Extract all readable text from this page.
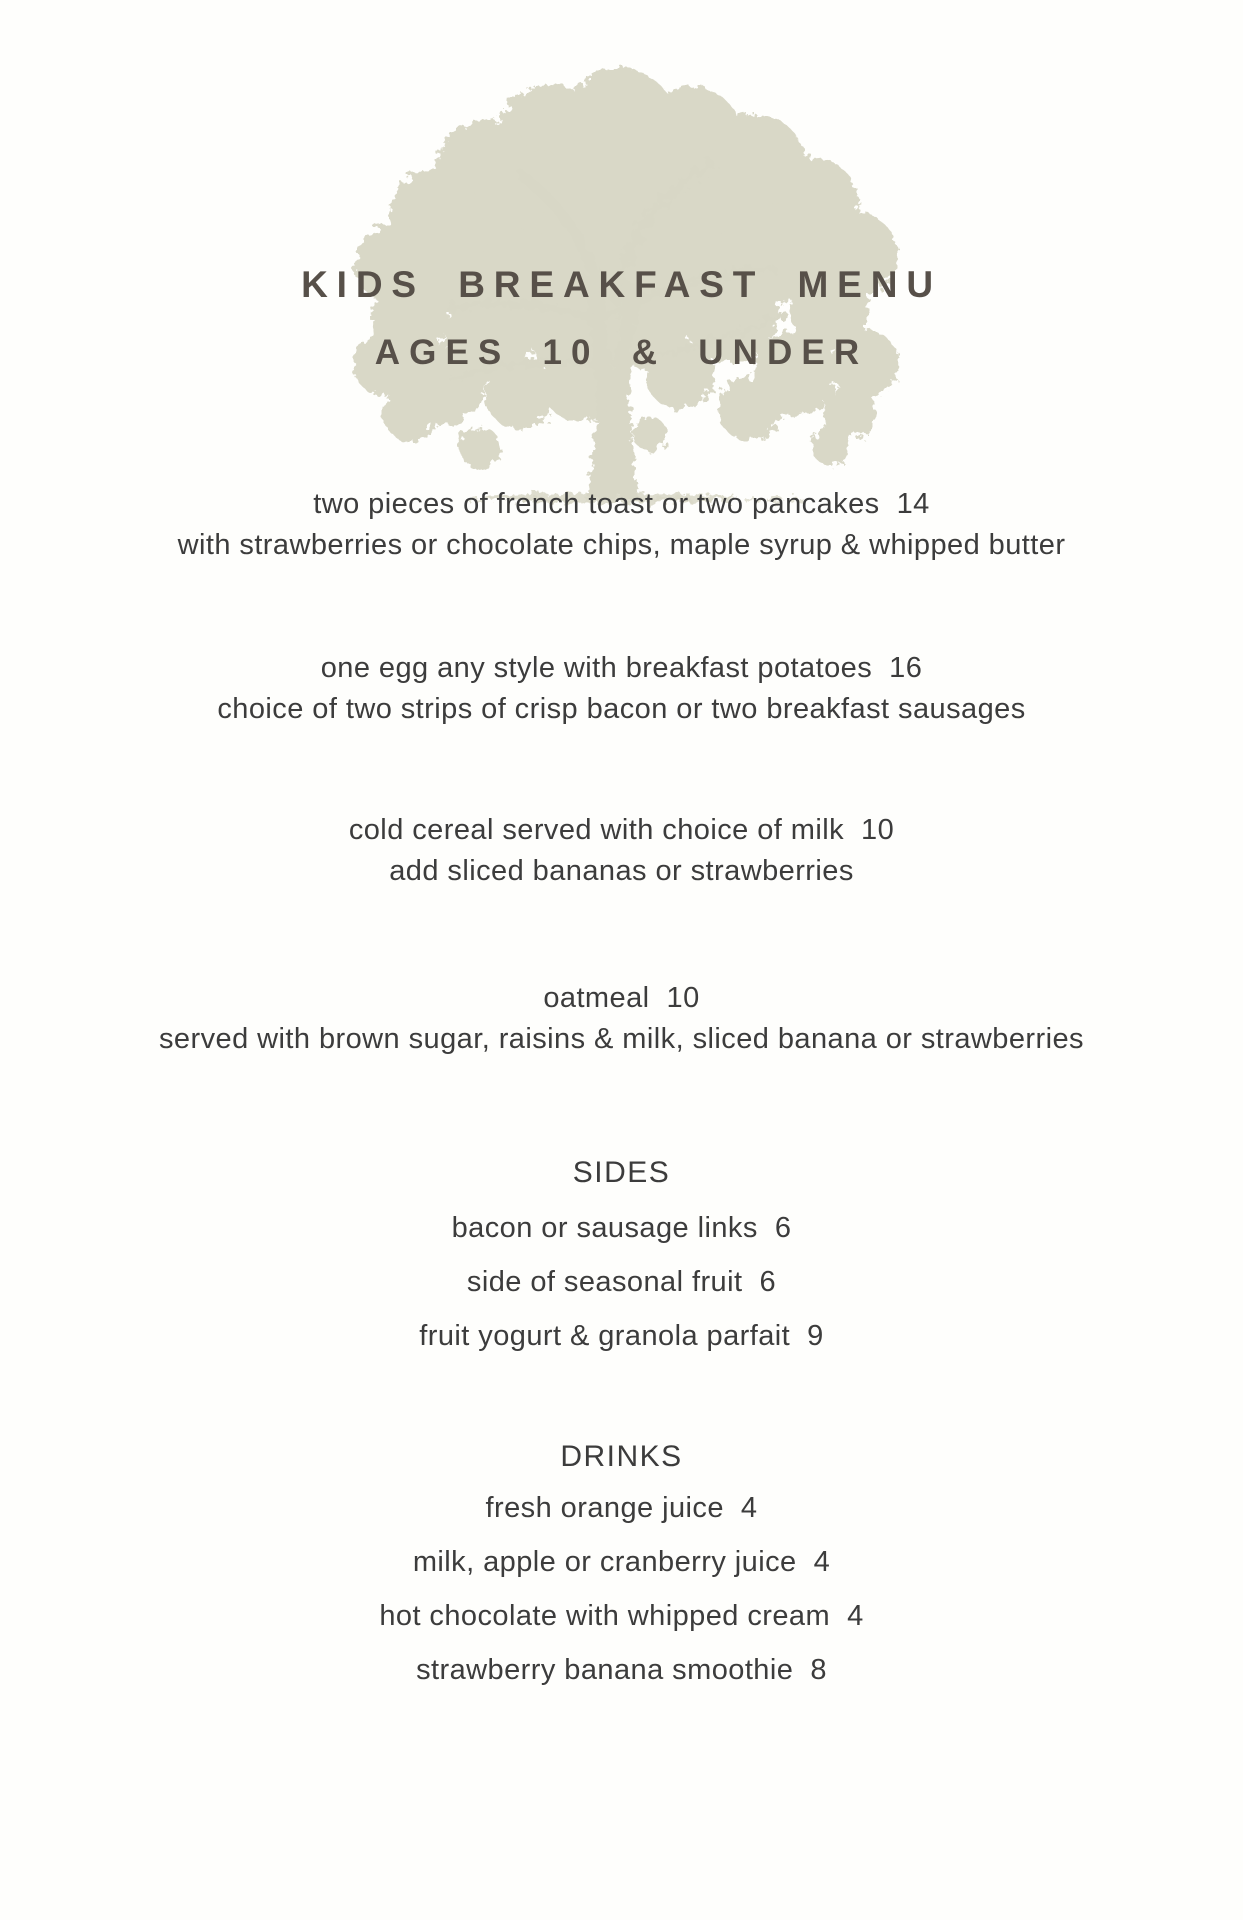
KIDS BREAKFAST MENU
AGES 10 & UNDER
two pieces of french toast or two pancakes 14
with strawberries or chocolate chips, maple syrup & whipped butter
one egg any style with breakfast potatoes 16
choice of two strips of crisp bacon or two breakfast sausages
cold cereal served with choice of milk 10
add sliced bananas or strawberries
oatmeal 10
served with brown sugar, raisins & milk, sliced banana or strawberries
SIDES
bacon or sausage links 6
side of seasonal fruit 6
fruit yogurt & granola parfait 9
DRINKS
fresh orange juice 4
milk, apple or cranberry juice 4
hot chocolate with whipped cream 4
strawberry banana smoothie 8
